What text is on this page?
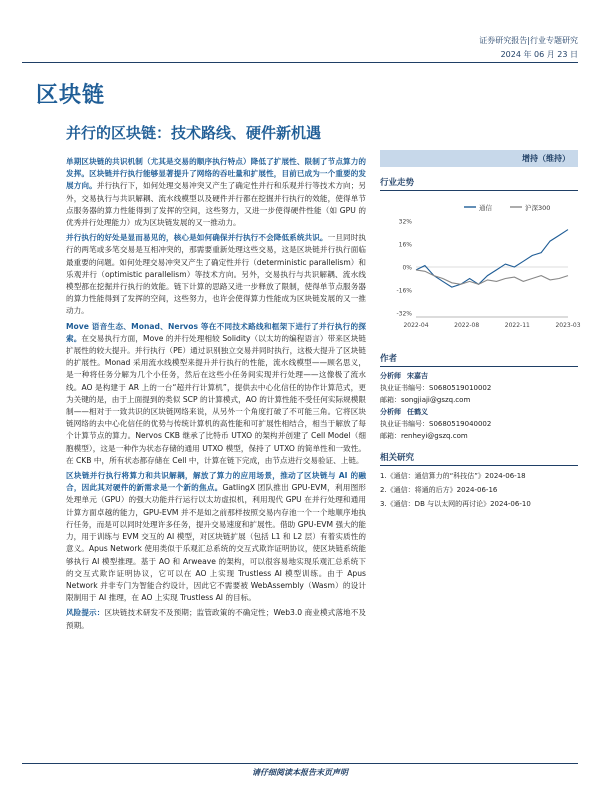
证券研究报告|行业专题研究
2024 年 06 月 23 日
区块链
并行的区块链：技术路线、硬件新机遇

单期区块链的共识机制（尤其是交易的顺序执行特点）降低了扩展性、限制了节点算力的发挥。区块链并行执行能够显著提升了网络的吞吐量和扩展性，目前已成为一个重要的发展方向。并行执行下，如何处理交易冲突又产生了确定性并行和乐观并行等技术方向；另外，交易执行与共识解耦、流水线模型以及硬件并行都在挖掘并行执行的效能，使得单节点服务器的算力性能得到了发挥的空间，这些努力，又进一步使得硬件性能（如 GPU 的优秀并行处理能力）成为区块链发展的又一推动力。

并行执行的好处是显而易见的，核心是如何确保并行执行不会降低系统共识。一旦同时执行的两笔或多笔交易是互相冲突的，那需要重新处理这些交易，这是区块链并行执行面临最重要的问题。如何处理交易冲突又产生了确定性并行（deterministic parallelism）和乐观并行（optimistic parallelism）等技术方向。另外，交易执行与共识解耦、流水线模型都在挖掘并行执行的效能。链下计算的思路又进一步释放了限制，使得单节点服务器的算力性能得到了发挥的空间，这些努力，也许会使得算力性能成为区块链发展的又一推动力。

Move 语音生态、Monad、Nervos 等在不同技术路线和框架下进行了并行执行的探索。在交易执行方面，Move 的并行处理相较 Solidity（以太坊的编程语言）带来区块链扩展性的较大提升。并行执行（PE）通过识别独立交易并同时执行，这极大提升了区块链的扩展性。Monad 采用流水线模型来提升并行执行的性能，流水线模型——顾名思义，是一种将任务分解为几个小任务，然后在这些小任务间实现并行处理——这像极了流水线。AO 是构建于 AR 上的一台“超并行计算机”，提供去中心化信任的协作计算范式，更为关键的是，由于上面提到的类似 SCP 的计算模式，AO 的计算性能不受任何实际规模限制——相对于一致共识的区块链网络来说，从另外一个角度打破了不可能三角。它将区块链网络的去中心化信任的优势与传统计算机的高性能和可扩展性相结合，相当于解放了每个计算节点的算力。Nervos CKB 继承了比特币 UTXO 的架构并创建了 Cell Model（细胞模型），这是一种作为状态存储的通用 UTXO 模型，保持了 UTXO 的简单性和一致性。在 CKB 中，所有状态都存储在 Cell 中，计算在链下完成，由节点进行交易验证、上链。

区块链并行执行将算力和共识解耦，解放了算力的应用场景，推动了区块链与 AI 的融合，因此其对硬件的新需求是一个新的焦点。GatlingX 团队推出 GPU-EVM，利用图形处理单元（GPU）的强大功能并行运行以太坊虚拟机，利用现代 GPU 在并行处理和通用计算方面卓越的能力，GPU-EVM 并不是如之前那样按照交易内存池一个一个地顺序地执行任务，而是可以同时处理许多任务，提升交易速度和扩展性。借助 GPU-EVM 强大的能力，用于训练与 EVM 交互的 AI 模型，对区块链扩展（包括 L1 和 L2 层）有着实质性的意义。Apus Network 使用类似于乐观汇总系统的交互式欺诈证明协议，使区块链系统能够执行 AI 模型推理。基于 AO 和 Arweave 的架构，可以很容易地实现乐观汇总系统下的交互式欺诈证明协议，它可以在 AO 上实现 Trustless AI 模型训练。由于 Apus Network 并非专门为智能合约设计，因此它不需要被 WebAssembly（Wasm）的设计限制用于 AI 推理，在 AO 上实现 Trustless AI 的目标。

风险提示：区块链技术研发不及预期；监管政策的不确定性；Web3.0 商业模式落地不及预期。

增持（维持）
行业走势
通信	沪深300
32%
16%
0%
-16%
-32%
2022-04	2022-08	2022-11	2023-03
作者
分析师 宋嘉吉
执业证书编号：S0680519010002
邮箱：songjiaji@gszq.com
分析师 任鹤义
执业证书编号：S0680519040002
邮箱：renheyi@gszq.com
相关研究
1.《通信：通信算力的“科技估”》2024-06-18
2.《通信：将通的后方》2024-06-16
3.《通信：DB 与以太网的再讨论》2024-06-10
请仔细阅读本报告末页声明
